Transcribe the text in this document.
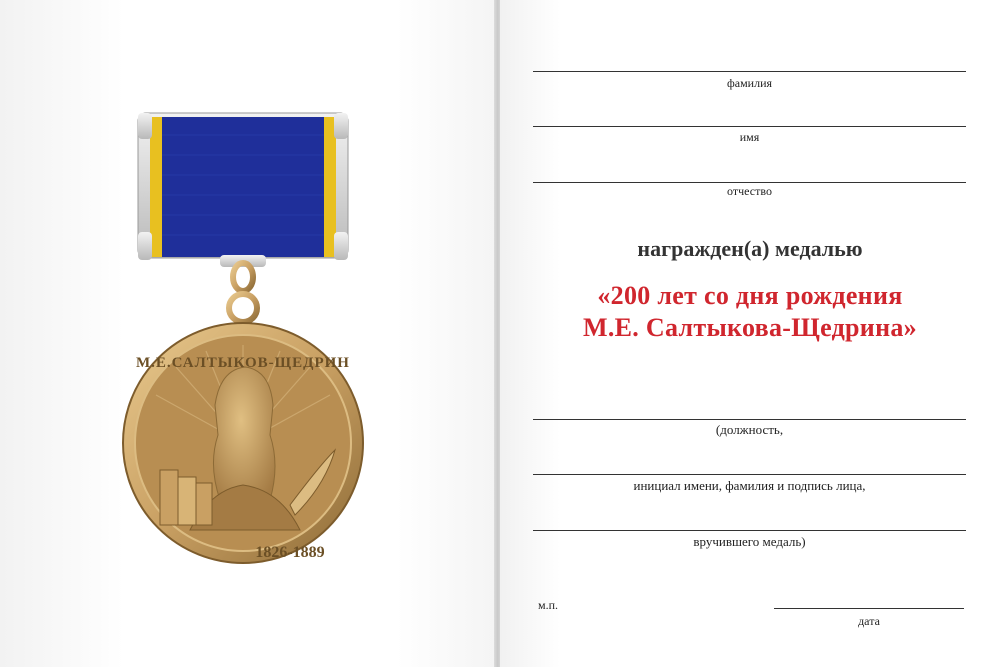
М.Е.САЛТЫКОВ-ЩЕДРИН
1826-1889
фамилия
имя
отчество
награжден(а) медалью
«200 лет со дня рождения
М.Е. Салтыкова-Щедрина»
(должность,
инициал имени, фамилия и подпись лица,
вручившего медаль)
м.п.
дата
